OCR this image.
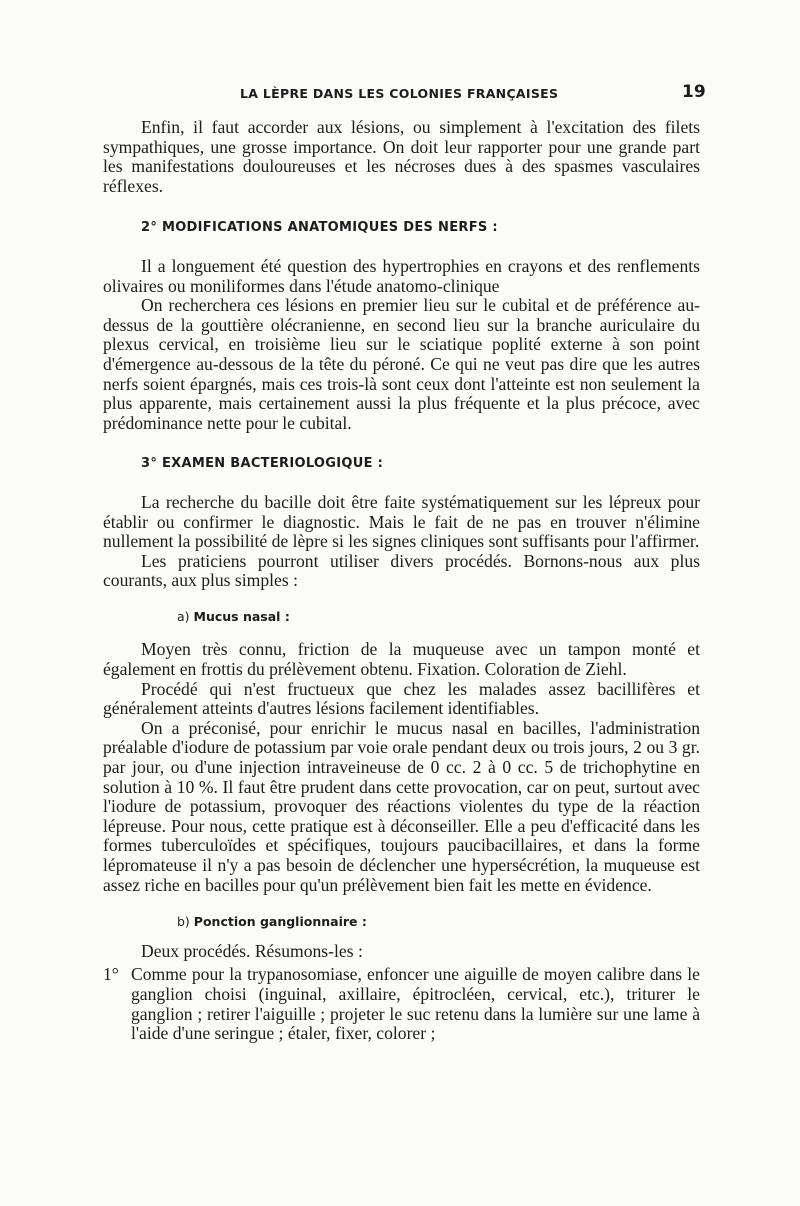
LA LÈPRE DANS LES COLONIES FRANÇAISES	19

Enfin, il faut accorder aux lésions, ou simplement à l'excitation des filets sympathiques, une grosse importance. On doit leur rapporter pour une grande part les manifestations douloureuses et les nécroses dues à des spasmes vasculaires réflexes.

2° MODIFICATIONS ANATOMIQUES DES NERFS :

Il a longuement été question des hypertrophies en crayons et des renflements olivaires ou moniliformes dans l'étude anatomo-clinique

On recherchera ces lésions en premier lieu sur le cubital et de préférence au-dessus de la gouttière olécranienne, en second lieu sur la branche auriculaire du plexus cervical, en troisième lieu sur le sciatique poplité externe à son point d'émergence au-dessous de la tête du péroné. Ce qui ne veut pas dire que les autres nerfs soient épargnés, mais ces trois-là sont ceux dont l'atteinte est non seulement la plus apparente, mais certainement aussi la plus fréquente et la plus précoce, avec prédominance nette pour le cubital.

3° EXAMEN BACTERIOLOGIQUE :

La recherche du bacille doit être faite systématiquement sur les lépreux pour établir ou confirmer le diagnostic. Mais le fait de ne pas en trouver n'élimine nullement la possibilité de lèpre si les signes cliniques sont suffisants pour l'affirmer.

Les praticiens pourront utiliser divers procédés. Bornons-nous aux plus courants, aux plus simples :

a) Mucus nasal :

Moyen très connu, friction de la muqueuse avec un tampon monté et également en frottis du prélèvement obtenu. Fixation. Coloration de Ziehl.

Procédé qui n'est fructueux que chez les malades assez bacillifères et généralement atteints d'autres lésions facilement identifiables.

On a préconisé, pour enrichir le mucus nasal en bacilles, l'administration préalable d'iodure de potassium par voie orale pendant deux ou trois jours, 2 ou 3 gr. par jour, ou d'une injection intraveineuse de 0 cc. 2 à 0 cc. 5 de trichophytine en solution à 10 %. Il faut être prudent dans cette provocation, car on peut, surtout avec l'iodure de potassium, provoquer des réactions violentes du type de la réaction lépreuse. Pour nous, cette pratique est à déconseiller. Elle a peu d'efficacité dans les formes tuberculoïdes et spécifiques, toujours paucibacillaires, et dans la forme lépromateuse il n'y a pas besoin de déclencher une hypersécrétion, la muqueuse est assez riche en bacilles pour qu'un prélèvement bien fait les mette en évidence.

b) Ponction ganglionnaire :

Deux procédés. Résumons-les :

1° Comme pour la trypanosomiase, enfoncer une aiguille de moyen calibre dans le ganglion choisi (inguinal, axillaire, épitrocléen, cervical, etc.), triturer le ganglion ; retirer l'aiguille ; projeter le suc retenu dans la lumière sur une lame à l'aide d'une seringue ; étaler, fixer, colorer ;
